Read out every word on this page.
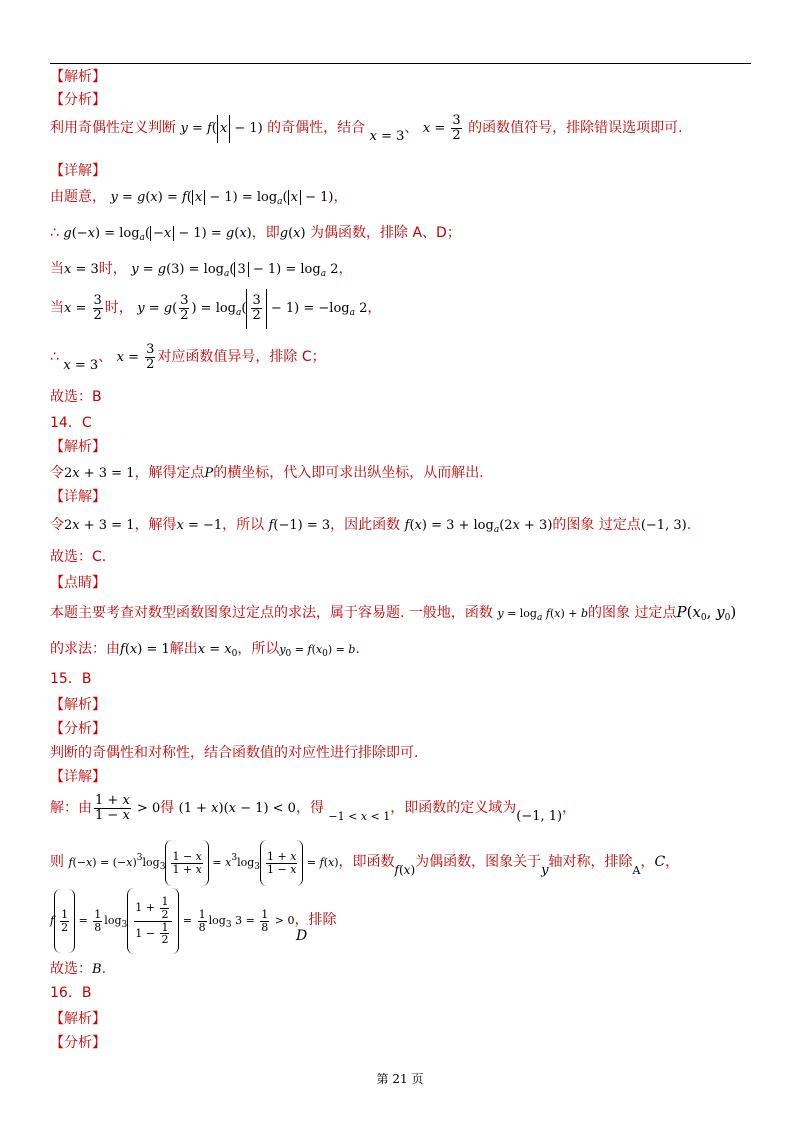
【解析】
【分析】
利用奇偶性定义判断 y = f( x − 1) 的奇偶性，结合 x = 3、 $x = \frac{3}{2}$ 的函数值符号，排除错误选项即可.
【详解】
由题意， y = g(x) = f( $x - 1) = \log_a$( x − 1)，
∴ $g(-x) = \log_a( -x - 1) = g(x)$，即g(x) 为偶函数，排除 A、D；
当x = 3时， $y = g(3) = \log_a$( $3 - 1) = \log_a 2$，
当$x = \frac{3}{2}$ 时， $y = g( \frac{3}{2}$ ) = $\log_a( \frac{3}{2} - 1) = -\log_a$ 2，
∴ x = 3、 $x = \frac{3}{2}$ 对应函数值异号，排除 C；
故选：B
14．C
【解析】
令2x + 3 = 1，解得定点P的横坐标，代入即可求出纵坐标，从而解出.
【详解】
令2x + 3 = 1，解得x = −1，所以 f(−1) = 3，因此函数 $f(x) = 3 + \log_a(2x + 3)$的图象 过定点(−1, 3).
故选：C.
【点睛】
本题主要考查对数型函数图象过定点的求法，属于容易题. 一般地，函数 $y = \log_a f(x) + b$的图象 过定点$P(x_0$, $y_0$)
的求法：由f(x) = 1解出$x = x_0$，所以$y_0 = f(x_0) = b$.
15．B
【解析】
【分析】
判断的奇偶性和对称性，结合函数值的对应性进行排除即可.
【详解】
解：由 $\frac{1 + x}{1 - x} > 0$得 (1 + x)(x − 1) < 0，得 −1 < x < 1，即函数的定义域为(−1, 1)，
则 $f(-x) = (-x)^3\log_3 \frac{1 - x}{1 + x} = x^3\log_3 \frac{1 + x}{1 - x} = f(x)$，即函数f(x)为偶函数，图象关于y轴对称，排除A，C，
f $\frac{1}{2} = \frac{1}{8} \log_3 \frac{1 + \frac{1}{2}}{1 - \frac{1}{2}} = \frac{1}{8} \log_3 3 = \frac{1}{8} > 0$，排除
D
故选：B.
16．B
【解析】
【分析】
第 21 页
